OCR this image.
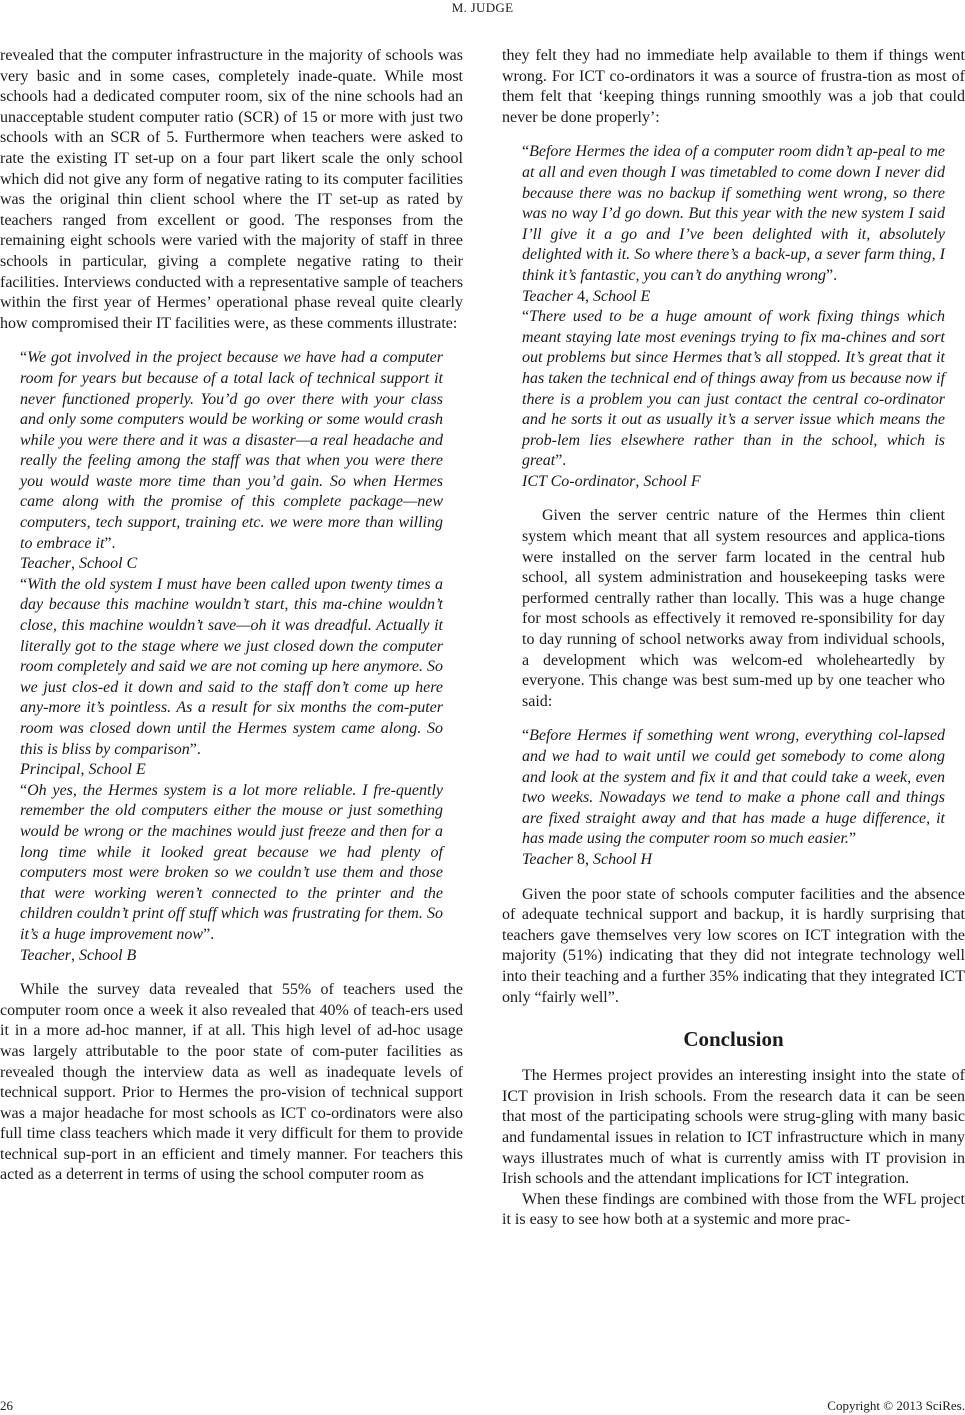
M. JUDGE

revealed that the computer infrastructure in the majority of schools was very basic and in some cases, completely inade-quate. While most schools had a dedicated computer room, six of the nine schools had an unacceptable student computer ratio (SCR) of 15 or more with just two schools with an SCR of 5. Furthermore when teachers were asked to rate the existing IT set-up on a four part likert scale the only school which did not give any form of negative rating to its computer facilities was the original thin client school where the IT set-up as rated by teachers ranged from excellent or good. The responses from the remaining eight schools were varied with the majority of staff in three schools in particular, giving a complete negative rating to their facilities. Interviews conducted with a representative sample of teachers within the first year of Hermes’ operational phase reveal quite clearly how compromised their IT facilities were, as these comments illustrate:

“We got involved in the project because we have had a computer room for years but because of a total lack of technical support it never functioned properly. You’d go over there with your class and only some computers would be working or some would crash while you were there and it was a disaster—a real headache and really the feeling among the staff was that when you were there you would waste more time than you’d gain. So when Hermes came along with the promise of this complete package—new computers, tech support, training etc. we were more than willing to embrace it”.

Teacher, School C

“With the old system I must have been called upon twenty times a day because this machine wouldn’t start, this ma-chine wouldn’t close, this machine wouldn’t save—oh it was dreadful. Actually it literally got to the stage where we just closed down the computer room completely and said we are not coming up here anymore. So we just clos-ed it down and said to the staff don’t come up here any-more it’s pointless. As a result for six months the com-puter room was closed down until the Hermes system came along. So this is bliss by comparison”.

Principal, School E

“Oh yes, the Hermes system is a lot more reliable. I fre-quently remember the old computers either the mouse or just something would be wrong or the machines would just freeze and then for a long time while it looked great because we had plenty of computers most were broken so we couldn’t use them and those that were working weren’t connected to the printer and the children couldn’t print off stuff which was frustrating for them. So it’s a huge improvement now”.

Teacher, School B

While the survey data revealed that 55% of teachers used the computer room once a week it also revealed that 40% of teach-ers used it in a more ad-hoc manner, if at all. This high level of ad-hoc usage was largely attributable to the poor state of com-puter facilities as revealed though the interview data as well as inadequate levels of technical support. Prior to Hermes the pro-vision of technical support was a major headache for most schools as ICT co-ordinators were also full time class teachers which made it very difficult for them to provide technical sup-port in an efficient and timely manner. For teachers this acted as a deterrent in terms of using the school computer room as

they felt they had no immediate help available to them if things went wrong. For ICT co-ordinators it was a source of frustra-tion as most of them felt that ‘keeping things running smoothly was a job that could never be done properly’:

“Before Hermes the idea of a computer room didn’t ap-peal to me at all and even though I was timetabled to come down I never did because there was no backup if something went wrong, so there was no way I’d go down. But this year with the new system I said I’ll give it a go and I’ve been delighted with it, absolutely delighted with it. So where there’s a back-up, a sever farm thing, I think it’s fantastic, you can’t do anything wrong”.

Teacher 4, School E

“There used to be a huge amount of work fixing things which meant staying late most evenings trying to fix ma-chines and sort out problems but since Hermes that’s all stopped. It’s great that it has taken the technical end of things away from us because now if there is a problem you can just contact the central co-ordinator and he sorts it out as usually it’s a server issue which means the prob-lem lies elsewhere rather than in the school, which is great”.

ICT Co-ordinator, School F

Given the server centric nature of the Hermes thin client system which meant that all system resources and applica-tions were installed on the server farm located in the central hub school, all system administration and housekeeping tasks were performed centrally rather than locally. This was a huge change for most schools as effectively it removed re-sponsibility for day to day running of school networks away from individual schools, a development which was welcom-ed wholeheartedly by everyone. This change was best sum-med up by one teacher who said:

“Before Hermes if something went wrong, everything col-lapsed and we had to wait until we could get somebody to come along and look at the system and fix it and that could take a week, even two weeks. Nowadays we tend to make a phone call and things are fixed straight away and that has made a huge difference, it has made using the computer room so much easier.”

Teacher 8, School H

Given the poor state of schools computer facilities and the absence of adequate technical support and backup, it is hardly surprising that teachers gave themselves very low scores on ICT integration with the majority (51%) indicating that they did not integrate technology well into their teaching and a further 35% indicating that they integrated ICT only “fairly well”.

Conclusion

The Hermes project provides an interesting insight into the state of ICT provision in Irish schools. From the research data it can be seen that most of the participating schools were strug-gling with many basic and fundamental issues in relation to ICT infrastructure which in many ways illustrates much of what is currently amiss with IT provision in Irish schools and the attendant implications for ICT integration.

When these findings are combined with those from the WFL project it is easy to see how both at a systemic and more prac-

26	Copyright © 2013 SciRes.
